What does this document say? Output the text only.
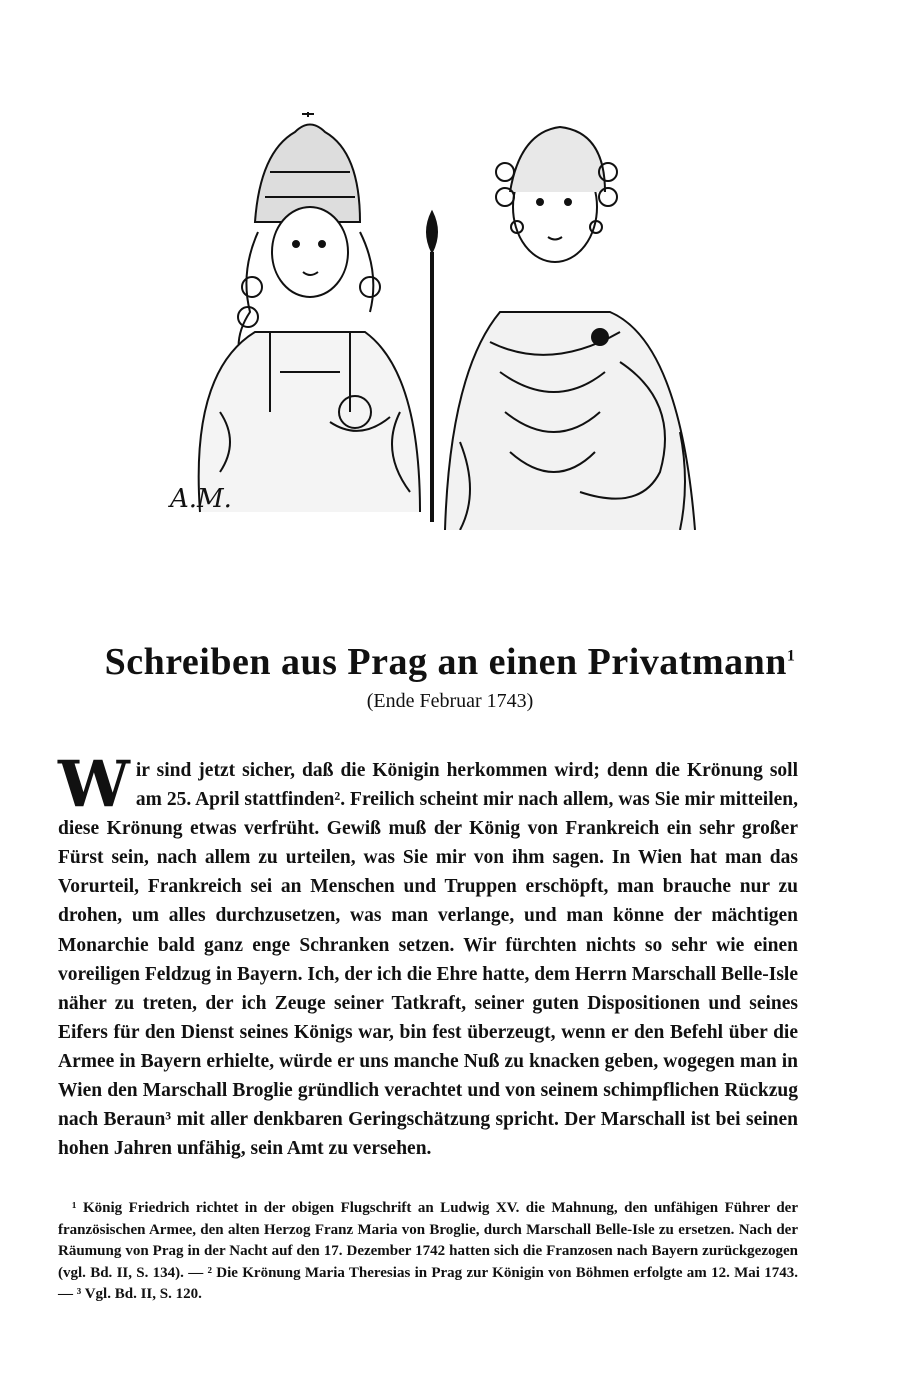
A.M.
Schreiben aus Prag an einen Privatmann$^1$
(Ende Februar 1743)
W ir sind jetzt sicher, daß die Königin herkommen wird; denn die Krönung soll am 25. April stattfinden². Freilich scheint mir nach allem, was Sie mir mitteilen, diese Krönung etwas verfrüht. Gewiß muß der König von Frankreich ein sehr großer Fürst sein, nach allem zu urteilen, was Sie mir von ihm sagen. In Wien hat man das Vorurteil, Frankreich sei an Menschen und Truppen erschöpft, man brauche nur zu drohen, um alles durchzusetzen, was man verlange, und man könne der mächtigen Monarchie bald ganz enge Schranken setzen. Wir fürchten nichts so sehr wie einen voreiligen Feldzug in Bayern. Ich, der ich die Ehre hatte, dem Herrn Marschall Belle-Isle näher zu treten, der ich Zeuge seiner Tatkraft, seiner guten Dispositionen und seines Eifers für den Dienst seines Königs war, bin fest überzeugt, wenn er den Befehl über die Armee in Bayern erhielte, würde er uns manche Nuß zu knacken geben, wogegen man in Wien den Marschall Broglie gründlich verachtet und von seinem schimpflichen Rückzug nach Beraun³ mit aller denkbaren Geringschätzung spricht. Der Marschall ist bei seinen hohen Jahren unfähig, sein Amt zu versehen.

¹ König Friedrich richtet in der obigen Flugschrift an Ludwig XV. die Mahnung, den unfähigen Führer der französischen Armee, den alten Herzog Franz Maria von Broglie, durch Marschall Belle-Isle zu ersetzen. Nach der Räumung von Prag in der Nacht auf den 17. Dezember 1742 hatten sich die Franzosen nach Bayern zurückgezogen (vgl. Bd. II, S. 134). — ² Die Krönung Maria Theresias in Prag zur Königin von Böhmen erfolgte am 12. Mai 1743. — ³ Vgl. Bd. II, S. 120.
